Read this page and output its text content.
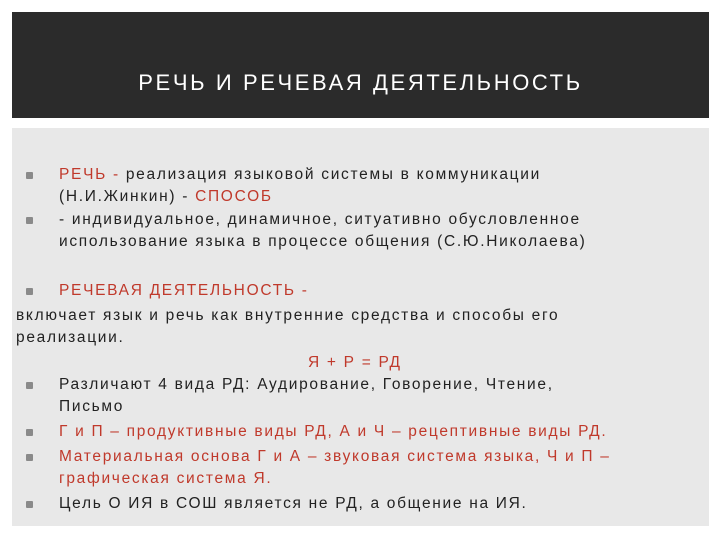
РЕЧЬ И РЕЧЕВАЯ ДЕЯТЕЛЬНОСТЬ
РЕЧЬ - реализация языковой системы в коммуникации
(Н.И.Жинкин) - СПОСОБ
- индивидуальное, динамичное, ситуативно обусловленное
использование языка в процессе общения (С.Ю.Николаева)
РЕЧЕВАЯ ДЕЯТЕЛЬНОСТЬ -
включает язык и речь как внутренние средства и способы его
реализации.
Я + Р = РД
Различают 4 вида РД: Аудирование, Говорение, Чтение,
Письмо
Г и П – продуктивные виды РД, А и Ч – рецептивные виды РД.
Материальная основа Г и А – звуковая система языка, Ч и П –
графическая система Я.
Цель О ИЯ в СОШ является не РД, а общение на ИЯ.
